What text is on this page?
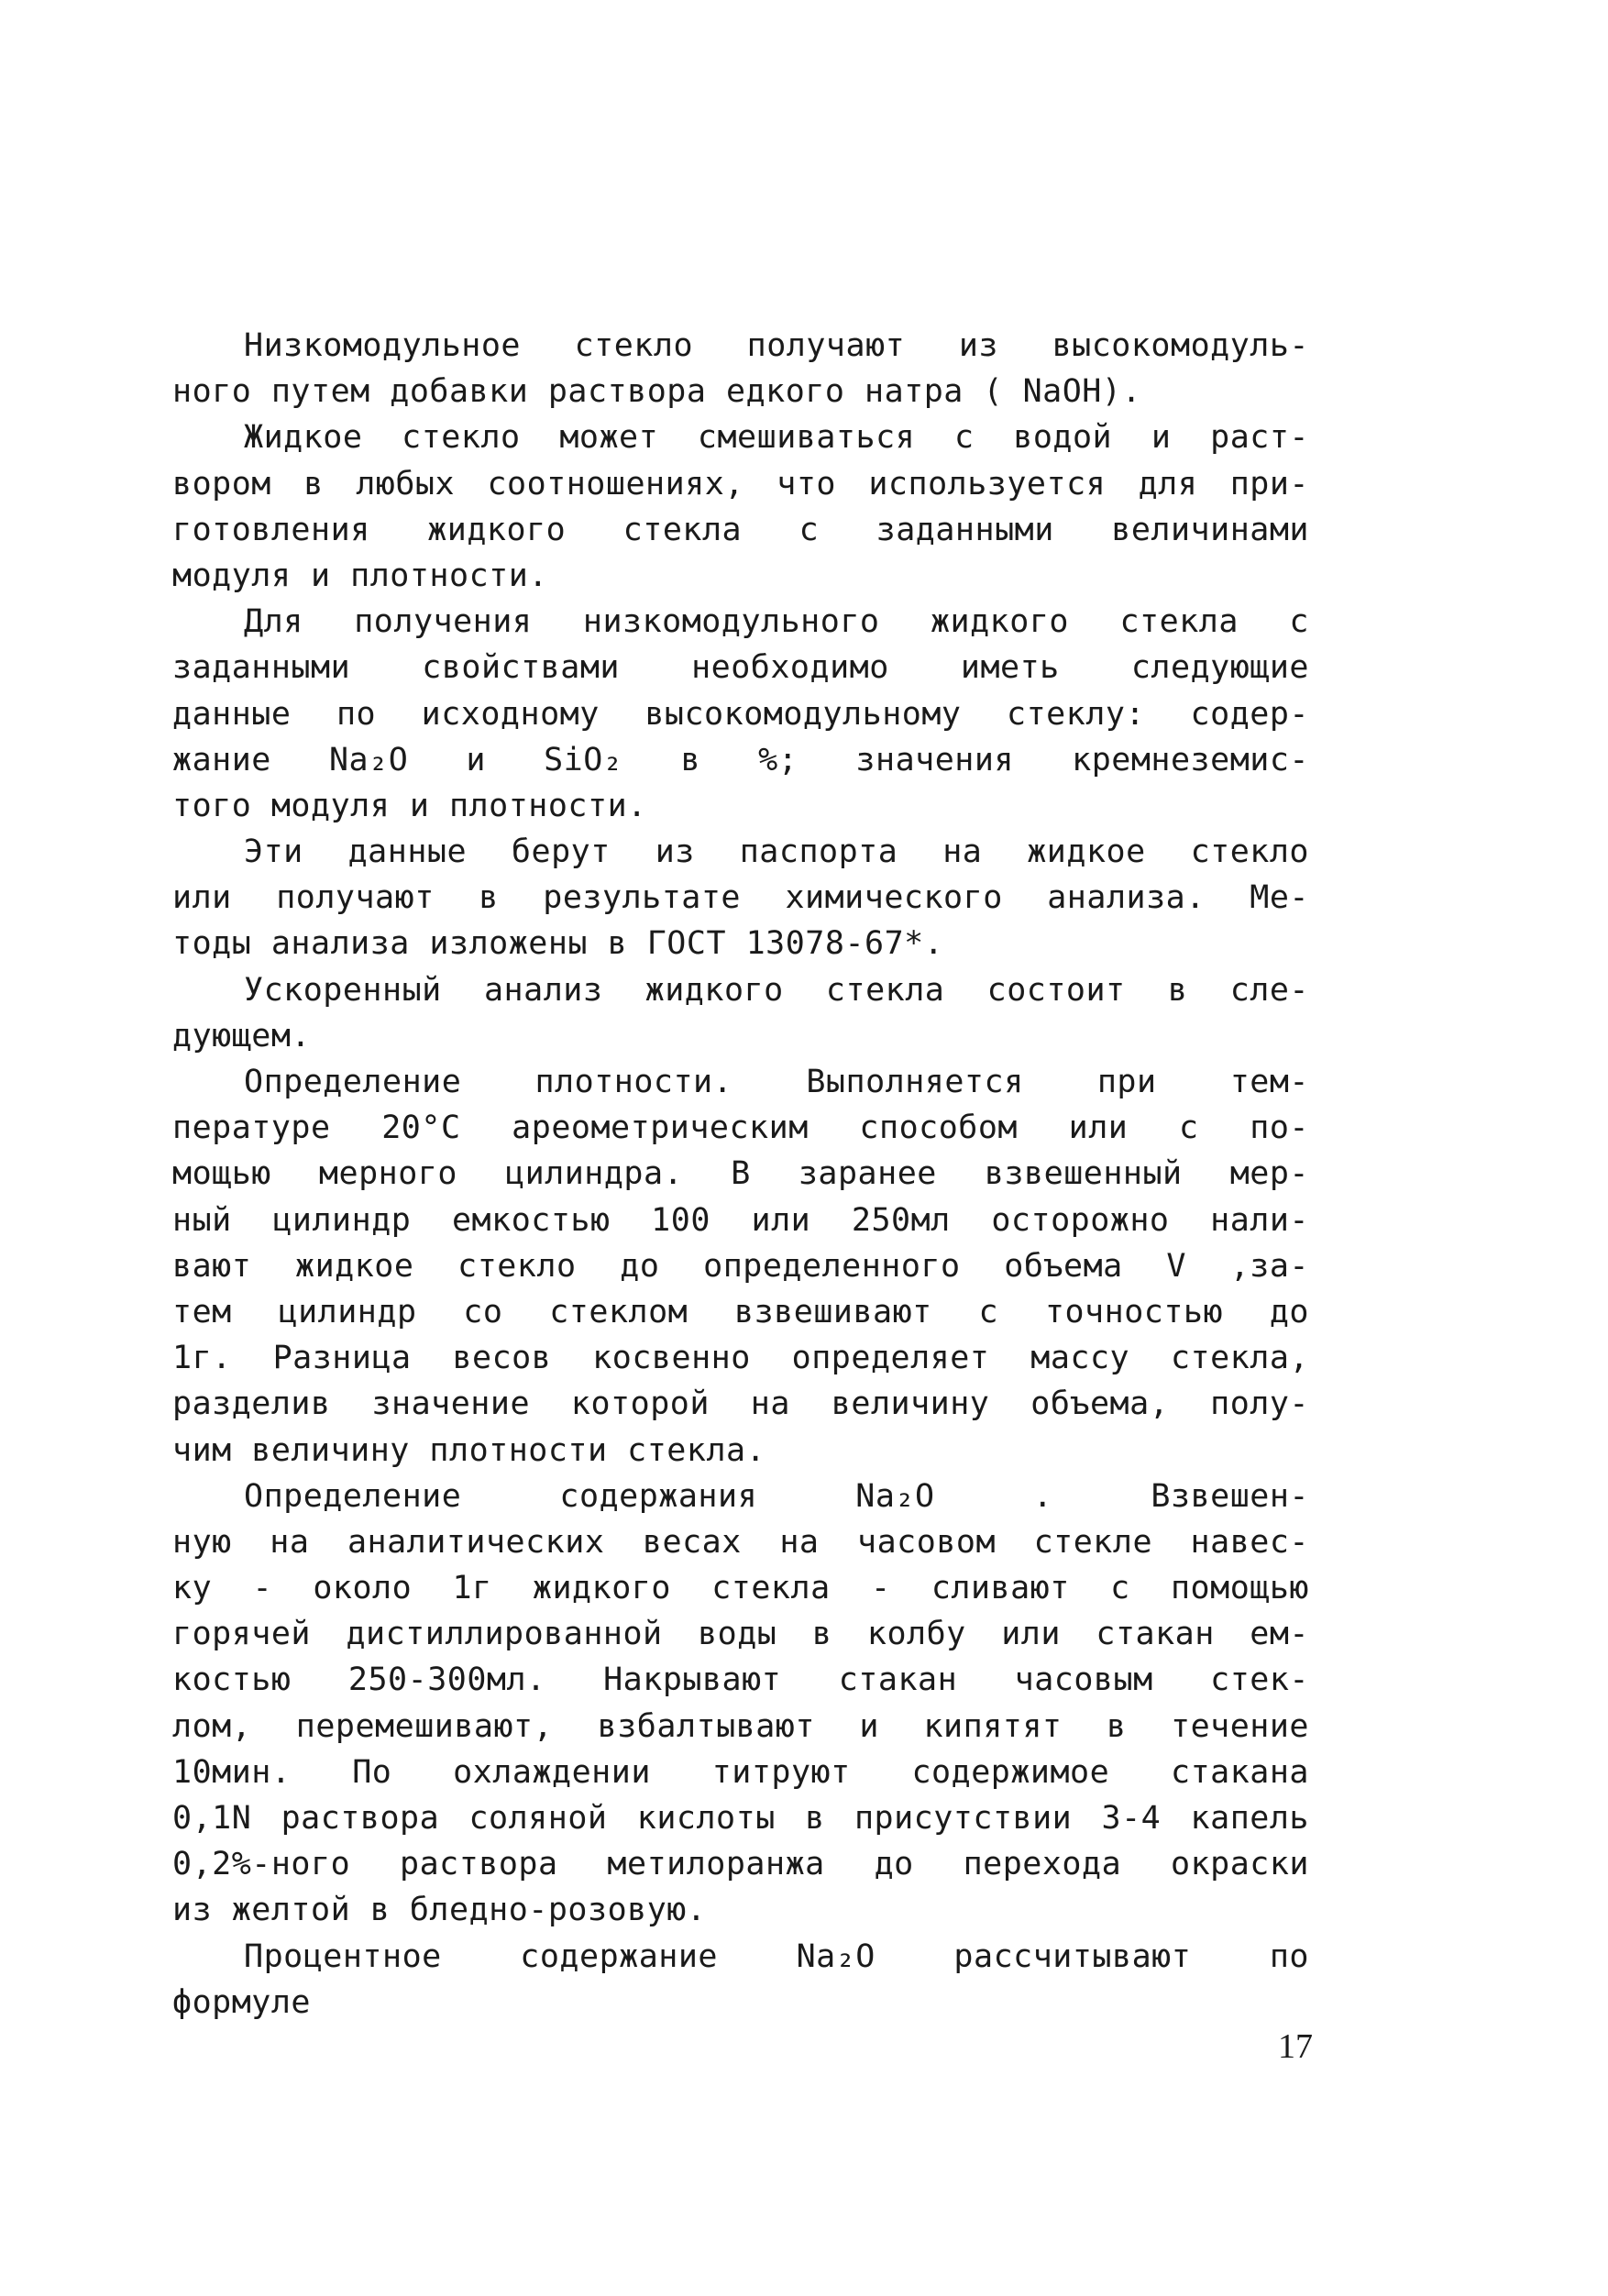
Низкомодульное стекло получают из высокомодуль-
ного путем добавки раствора едкого натра ( NaOH).
Жидкое стекло может смешиваться с водой и раст-
вором в любых соотношениях, что используется для при-
готовления жидкого стекла с заданными величинами
модуля и плотности.
Для получения низкомодульного жидкого стекла с
заданными свойствами необходимо иметь следующие
данные по исходному высокомодульному стеклу: содер-
жание Na₂O и SiO₂ в %; значения кремнеземис-
того модуля и плотности.
Эти данные берут из паспорта на жидкое стекло
или получают в результате химического анализа. Ме-
тоды анализа изложены в ГОСТ 13078-67*.
Ускоренный анализ жидкого стекла состоит в сле-
дующем.
Определение плотности. Выполняется при тем-
пературе 20°С ареометрическим способом или с по-
мощью мерного цилиндра. В заранее взвешенный мер-
ный цилиндр емкостью 100 или 250мл осторожно нали-
вают жидкое стекло до определенного объема V ,за-
тем цилиндр со стеклом взвешивают с точностью до
1г. Разница весов косвенно определяет массу стекла,
разделив значение которой на величину объема, полу-
чим величину плотности стекла.
Определение содержания Na₂O . Взвешен-
ную на аналитических весах на часовом стекле навес-
ку - около 1г жидкого стекла - сливают с помощью
горячей дистиллированной воды в колбу или стакан ем-
костью 250-300мл. Накрывают стакан часовым стек-
лом, перемешивают, взбалтывают и кипятят в течение
10мин. По охлаждении титруют содержимое стакана
0,1N раствора соляной кислоты в присутствии 3-4 капель
0,2%-ного раствора метилоранжа до перехода окраски
из желтой в бледно-розовую.
Процентное содержание Na₂O рассчитывают по
формуле
17
